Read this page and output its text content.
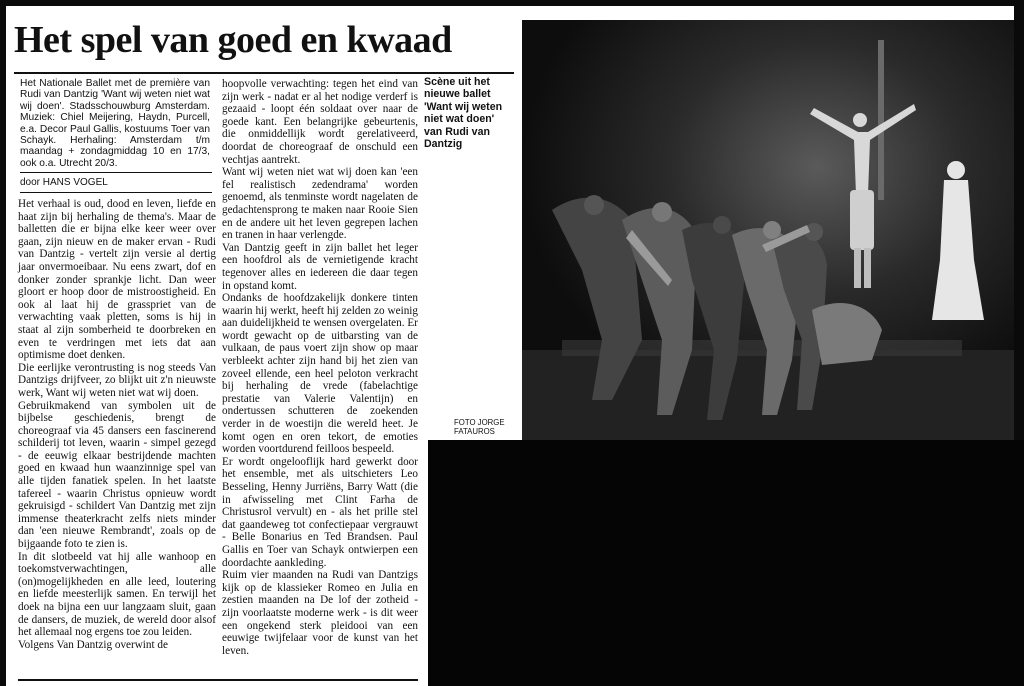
Het spel van goed en kwaad

Het Nationale Ballet met de première van Rudi van Dantzig 'Want wij weten niet wat wij doen'. Stadsschouwburg Amsterdam. Muziek: Chiel Meijering, Haydn, Purcell, e.a. Decor Paul Gallis, kostuums Toer van Schayk. Herhaling: Amsterdam t/m maandag + zondagmiddag 10 en 17/3, ook o.a. Utrecht 20/3.

door HANS VOGEL

Het verhaal is oud, dood en leven, liefde en haat zijn bij herhaling de thema's. Maar de balletten die er bijna elke keer weer over gaan, zijn nieuw en de maker ervan - Rudi van Dantzig - vertelt zijn versie al dertig jaar onvermoeibaar. Nu eens zwart, dof en donker zonder sprankje licht. Dan weer gloort er hoop door de mistroostigheid. En ook al laat hij de grasspriet van de verwachting vaak pletten, soms is hij in staat al zijn somberheid te doorbreken en even te verdringen met iets dat aan optimisme doet denken.

Die eerlijke verontrusting is nog steeds Van Dantzigs drijfveer, zo blijkt uit z'n nieuwste werk, Want wij weten niet wat wij doen.

Gebruikmakend van symbolen uit de bijbelse geschiedenis, brengt de choreograaf via 45 dansers een fascinerend schilderij tot leven, waarin - simpel gezegd - de eeuwig elkaar bestrijdende machten goed en kwaad hun waanzinnige spel van alle tijden fanatiek spelen. In het laatste tafereel - waarin Christus opnieuw wordt gekruisigd - schildert Van Dantzig met zijn immense theaterkracht zelfs niets minder dan 'een nieuwe Rembrandt', zoals op de bijgaande foto te zien is.

In dit slotbeeld vat hij alle wanhoop en toekomstverwachtingen, alle (on)mogelijkheden en alle leed, loutering en liefde meesterlijk samen. En terwijl het doek na bijna een uur langzaam sluit, gaan de dansers, de muziek, de wereld door alsof het allemaal nog ergens toe zou leiden.

Volgens Van Dantzig overwint de

hoopvolle verwachting: tegen het eind van zijn werk - nadat er al het nodige verderf is gezaaid - loopt één soldaat over naar de goede kant. Een belangrijke gebeurtenis, die onmiddellijk wordt gerelativeerd, doordat de choreograaf de onschuld een vechtjas aantrekt.

Want wij weten niet wat wij doen kan 'een fel realistisch zedendrama' worden genoemd, als tenminste wordt nagelaten de gedachtensprong te maken naar Rooie Sien en de andere uit het leven gegrepen lachen en tranen in haar verlengde.

Van Dantzig geeft in zijn ballet het leger een hoofdrol als de vernietigende kracht tegenover alles en iedereen die daar tegen in opstand komt.

Ondanks de hoofdzakelijk donkere tinten waarin hij werkt, heeft hij zelden zo weinig aan duidelijkheid te wensen overgelaten. Er wordt gewacht op de uitbarsting van de vulkaan, de paus voert zijn show op maar verbleekt achter zijn hand bij het zien van zoveel ellende, een heel peloton verkracht bij herhaling de vrede (fabelachtige prestatie van Valerie Valentijn) en ondertussen schutteren de zoekenden verder in de woestijn die wereld heet. Je komt ogen en oren tekort, de emoties worden voortdurend feilloos bespeeld.

Er wordt ongelooflijk hard gewerkt door het ensemble, met als uitschieters Leo Besseling, Henny Jurriëns, Barry Watt (die in afwisseling met Clint Farha de Christusrol vervult) en - als het prille stel dat gaandeweg tot confectiepaar vergrauwt - Belle Bonarius en Ted Brandsen. Paul Gallis en Toer van Schayk ontwierpen een doordachte aankleding.

Ruim vier maanden na Rudi van Dantzigs kijk op de klassieker Romeo en Julia en zestien maanden na De lof der zotheid - zijn voorlaatste moderne werk - is dit weer een ongekend sterk pleidooi van een eeuwige twijfelaar voor de kunst van het leven.

Scène uit het nieuwe ballet 'Want wij weten niet wat doen' van Rudi van Dantzig
FOTO JORGE FATAUROS
